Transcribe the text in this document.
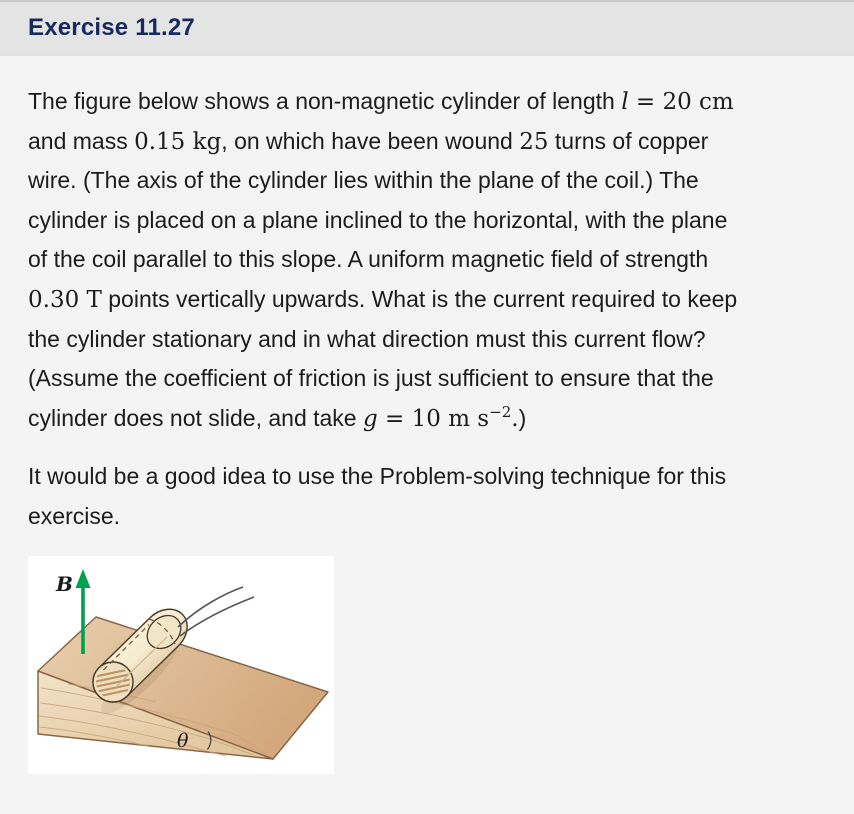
Exercise 11.27
The figure below shows a non-magnetic cylinder of length l = 20 cm
and mass 0.15 kg, on which have been wound 25 turns of copper
wire. (The axis of the cylinder lies within the plane of the coil.) The
cylinder is placed on a plane inclined to the horizontal, with the plane
of the coil parallel to this slope. A uniform magnetic field of strength
0.30 T points vertically upwards. What is the current required to keep
the cylinder stationary and in what direction must this current flow?
(Assume the coefficient of friction is just sufficient to ensure that the
cylinder does not slide, and take g = 10 m $s^{-2}$.)
It would be a good idea to use the Problem-solving technique for this
exercise.
B
θ
